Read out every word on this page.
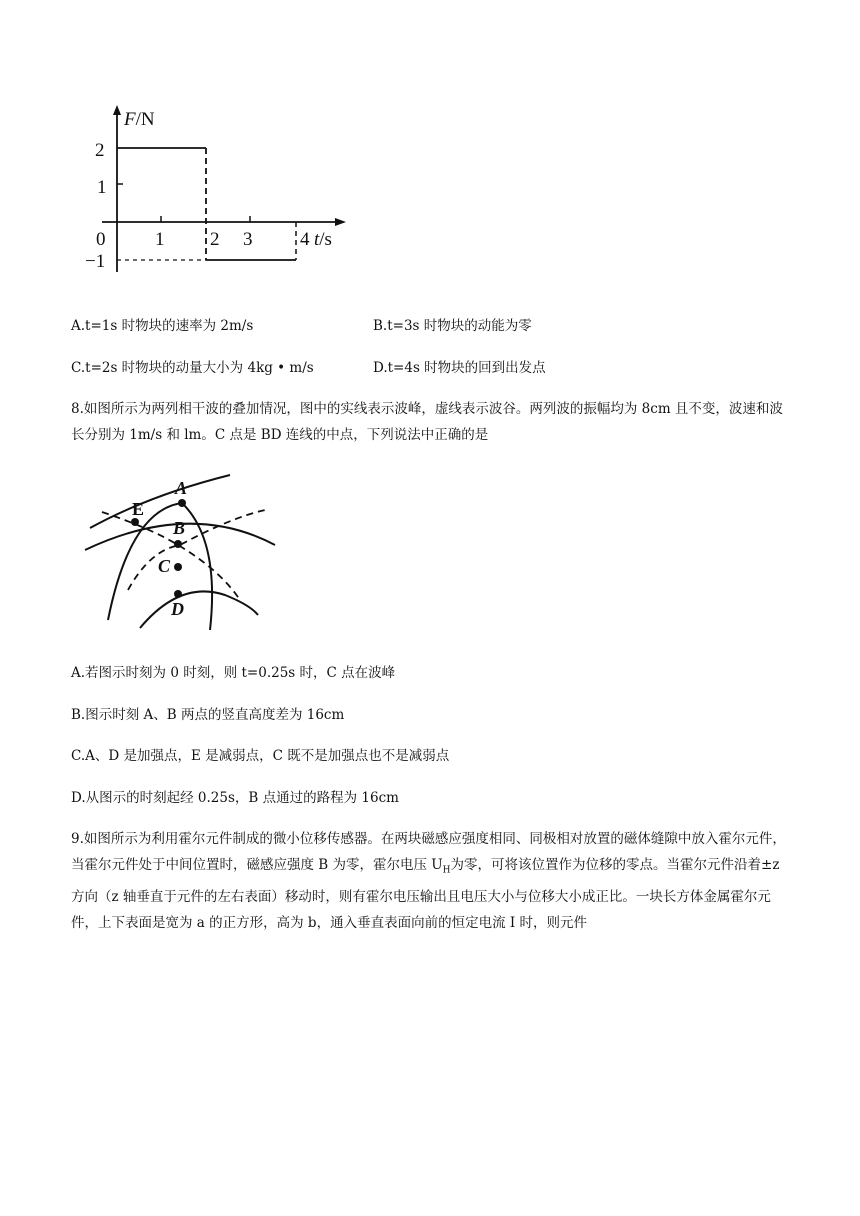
F/N
2
1
−1
0	1 2 3	4 t/s
A.t=1s 时物块的速率为 2m/s	B.t=3s 时物块的动能为零
C.t=2s 时物块的动量大小为 4kg • m/s	D.t=4s 时物块的回到出发点
8.如图所示为两列相干波的叠加情况，图中的实线表示波峰，虚线表示波谷。两列波的振幅均为 8cm 且不变，波速和波长分别为 1m/s 和 lm。C 点是 BD 连线的中点，下列说法中正确的是
A
B
C
D
E
A.若图示时刻为 0 时刻，则 t=0.25s 时，C 点在波峰
B.图示时刻 A、B 两点的竖直高度差为 16cm
C.A、D 是加强点，E 是减弱点，C 既不是加强点也不是减弱点
D.从图示的时刻起经 0.25s，B 点通过的路程为 16cm
9.如图所示为利用霍尔元件制成的微小位移传感器。在两块磁感应强度相同、同极相对放置的磁体缝隙中放入霍尔元件，当霍尔元件处于中间位置时，磁感应强度 B 为零，霍尔电压 $U_H$为零，可将该位置作为位移的零点。当霍尔元件沿着±z 方向（z 轴垂直于元件的左右表面）移动时，则有霍尔电压输出且电压大小与位移大小成正比。一块长方体金属霍尔元件，上下表面是宽为 a 的正方形，高为 b，通入垂直表面向前的恒定电流 I 时，则元件
